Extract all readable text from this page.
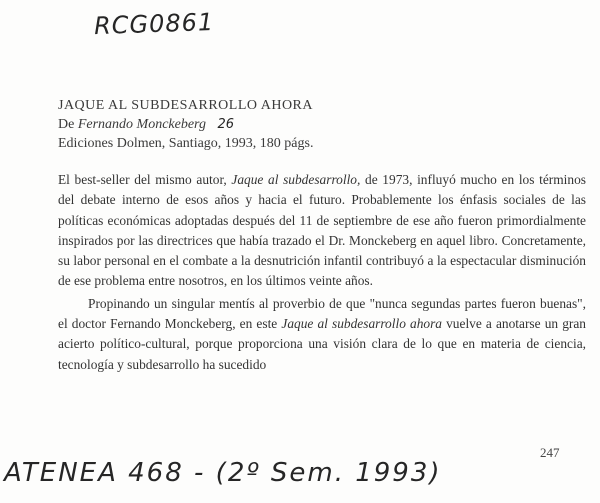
RCG0861
JAQUE AL SUBDESARROLLO AHORA
De Fernando Monckeberg 26
Ediciones Dolmen, Santiago, 1993, 180 págs.

El best-seller del mismo autor, Jaque al subdesarrollo, de 1973, influyó mucho en los términos del debate interno de esos años y hacia el futuro. Probablemente los énfasis sociales de las políticas económicas adoptadas después del 11 de septiembre de ese año fueron primordialmente inspirados por las directrices que había trazado el Dr. Monckeberg en aquel libro. Concretamente, su labor personal en el combate a la desnutrición infantil contribuyó a la espectacular disminución de ese problema entre nosotros, en los últimos veinte años.

Propinando un singular mentís al proverbio de que "nunca segundas partes fueron buenas", el doctor Fernando Monckeberg, en este Jaque al subdesarrollo ahora vuelve a anotarse un gran acierto político-cultural, porque proporciona una visión clara de lo que en materia de ciencia, tecnología y subdesarrollo ha sucedido

247
ATENEA 468 - (2º Sem. 1993)
